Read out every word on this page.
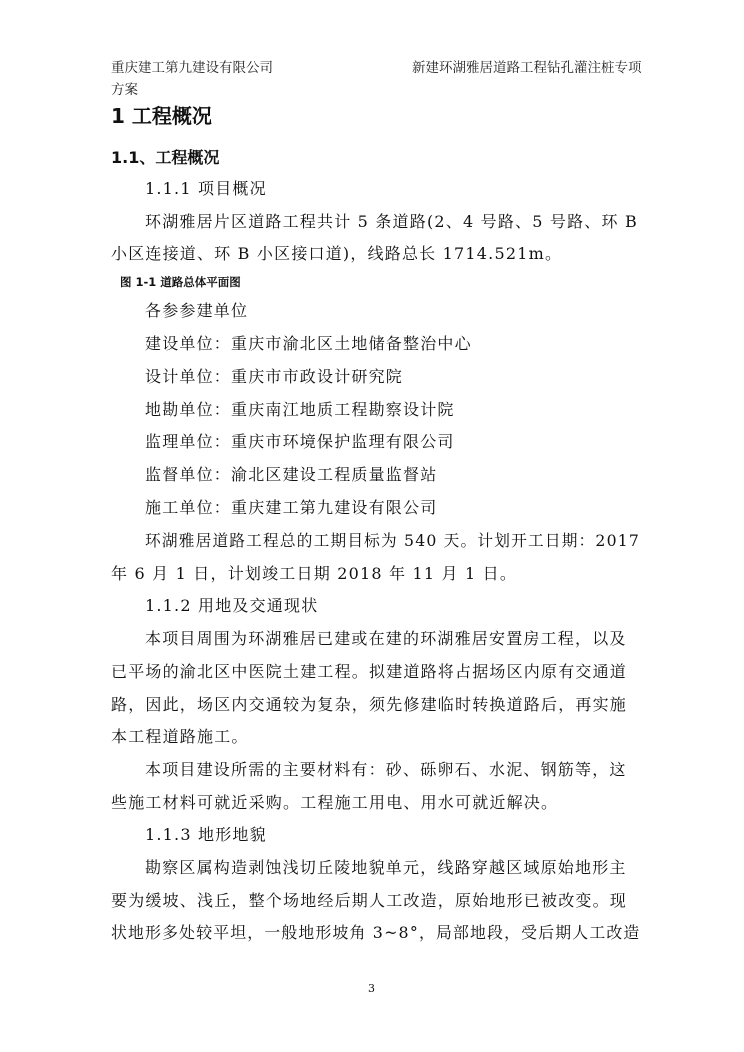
重庆建工第九建设有限公司	新建环湖雅居道路工程钻孔灌注桩专项
方案
1 工程概况
1.1、工程概况
1.1.1 项目概况
环湖雅居片区道路工程共计 5 条道路(2、4 号路、5 号路、环 B
小区连接道、环 B 小区接口道)，线路总长 1714.521m。
图 1-1 道路总体平面图
各参参建单位
建设单位：重庆市渝北区土地储备整治中心
设计单位：重庆市市政设计研究院
地勘单位：重庆南江地质工程勘察设计院
监理单位：重庆市环境保护监理有限公司
监督单位：渝北区建设工程质量监督站
施工单位：重庆建工第九建设有限公司
环湖雅居道路工程总的工期目标为 540 天。计划开工日期：2017
年 6 月 1 日，计划竣工日期 2018 年 11 月 1 日。
1.1.2 用地及交通现状
本项目周围为环湖雅居已建或在建的环湖雅居安置房工程，以及
已平场的渝北区中医院土建工程。拟建道路将占据场区内原有交通道
路，因此，场区内交通较为复杂，须先修建临时转换道路后，再实施
本工程道路施工。
本项目建设所需的主要材料有：砂、砾卵石、水泥、钢筋等，这
些施工材料可就近采购。工程施工用电、用水可就近解决。
1.1.3 地形地貌
勘察区属构造剥蚀浅切丘陵地貌单元，线路穿越区域原始地形主
要为缓坡、浅丘，整个场地经后期人工改造，原始地形已被改变。现
状地形多处较平坦，一般地形坡角 3~8°，局部地段，受后期人工改造
3
